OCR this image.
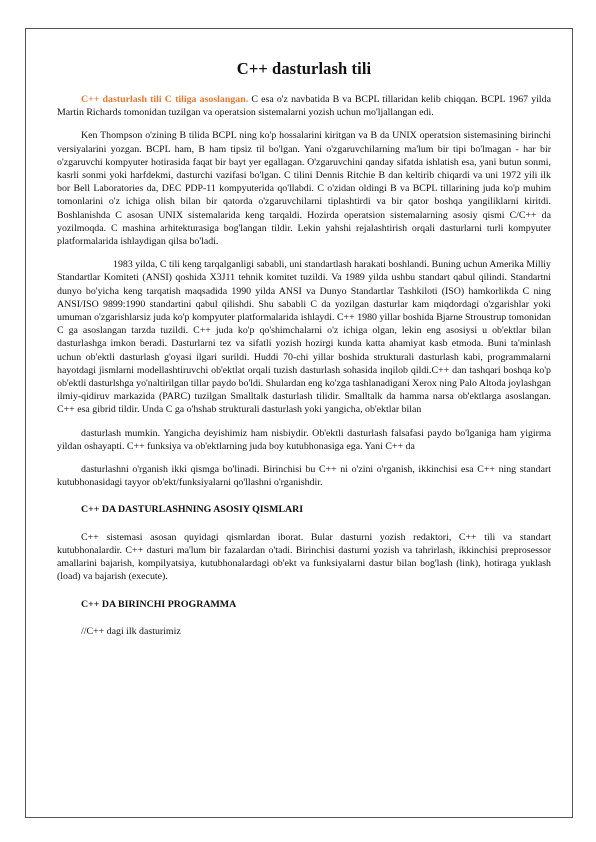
C++ dasturlash tili

C++ dasturlash tili C tiliga asoslangan. C esa o'z navbatida B va BCPL tillaridan kelib chiqqan. BCPL 1967 yilda Martin Richards tomonidan tuzilgan va operatsion sistemalarni yozish uchun mo'ljallangan edi.

Ken Thompson o'zining B tilida BCPL ning ko'p hossalarini kiritgan va B da UNIX operatsion sistemasining birinchi versiyalarini yozgan. BCPL ham, B ham tipsiz til bo'lgan. Yani o'zgaruvchilarning ma'lum bir tipi bo'lmagan - har bir o'zgaruvchi kompyuter hotirasida faqat bir bayt yer egallagan. O'zgaruvchini qanday sifatda ishlatish esa, yani butun sonmi, kasrli sonmi yoki harfdekmi, dasturchi vazifasi bo'lgan. C tilini Dennis Ritchie B dan keltirib chiqardi va uni 1972 yili ilk bor Bell Laboratories da, DEC PDP-11 kompyuterida qo'llabdi. C o'zidan oldingi B va BCPL tillarining juda ko'p muhim tomonlarini o'z ichiga olish bilan bir qatorda o'zgaruvchilarni tiplashtirdi va bir qator boshqa yangiliklarni kiritdi. Boshlanishda C asosan UNIX sistemalarida keng tarqaldi. Hozirda operatsion sistemalarning asosiy qismi C/C++ da yozilmoqda. C mashina arhitekturasiga bog'langan tildir. Lekin yahshi rejalashtirish orqali dasturlarni turli kompyuter platformalarida ishlaydigan qilsa bo'ladi.

1983 yilda, C tili keng tarqalganligi sababli, uni standartlash harakati boshlandi. Buning uchun Amerika Milliy Standartlar Komiteti (ANSI) qoshida X3J11 tehnik komitet tuzildi. Va 1989 yilda ushbu standart qabul qilindi. Standartni dunyo bo'yicha keng tarqatish maqsadida 1990 yilda ANSI va Dunyo Standartlar Tashkiloti (ISO) hamkorlikda C ning ANSI/ISO 9899:1990 standartini qabul qilishdi. Shu sababli C da yozilgan dasturlar kam miqdordagi o'zgarishlar yoki umuman o'zgarishlarsiz juda ko'p kompyuter platformalarida ishlaydi. C++ 1980 yillar boshida Bjarne Stroustrup tomonidan C ga asoslangan tarzda tuzildi. C++ juda ko'p qo'shimchalarni o'z ichiga olgan, lekin eng asosiysi u ob'ektlar bilan dasturlashga imkon beradi. Dasturlarni tez va sifatli yozish hozirgi kunda katta ahamiyat kasb etmoda. Buni ta'minlash uchun ob'ektli dasturlash g'oyasi ilgari surildi. Huddi 70-chi yillar boshida strukturali dasturlash kabi, programmalarni hayotdagi jismlarni modellashtiruvchi ob'ektlat orqali tuzish dasturlash sohasida inqilob qildi.C++ dan tashqari boshqa ko'p ob'ektli dasturlshga yo'naltirilgan tillar paydo bo'ldi. Shulardan eng ko'zga tashlanadigani Xerox ning Palo Altoda joylashgan ilmiy-qidiruv markazida (PARC) tuzilgan Smalltalk dasturlash tilidir. Smalltalk da hamma narsa ob'ektlarga asoslangan. C++ esa gibrid tildir. Unda C ga o'hshab strukturali dasturlash yoki yangicha, ob'ektlar bilan

dasturlash mumkin. Yangicha deyishimiz ham nisbiydir. Ob'ektli dasturlash falsafasi paydo bo'lganiga ham yigirma yildan oshayapti. C++ funksiya va ob'ektlarning juda boy kutubhonasiga ega. Yani C++ da

dasturlashni o'rganish ikki qismga bo'linadi. Birinchisi bu C++ ni o'zini o'rganish, ikkinchisi esa C++ ning standart kutubhonasidagi tayyor ob'ekt/funksiyalarni qo'llashni o'rganishdir.

C++ DA DASTURLASHNING ASOSIY QISMLARI

C++ sistemasi asosan quyidagi qismlardan iborat. Bular dasturni yozish redaktori, C++ tili va standart kutubhonalardir. C++ dasturi ma'lum bir fazalardan o'tadi. Birinchisi dasturni yozish va tahrirlash, ikkinchisi preprosessor amallarini bajarish, kompilyatsiya, kutubhonalardagi ob'ekt va funksiyalarni dastur bilan bog'lash (link), hotiraga yuklash (load) va bajarish (execute).

C++ DA BIRINCHI PROGRAMMA

//C++ dagi ilk dasturimiz
